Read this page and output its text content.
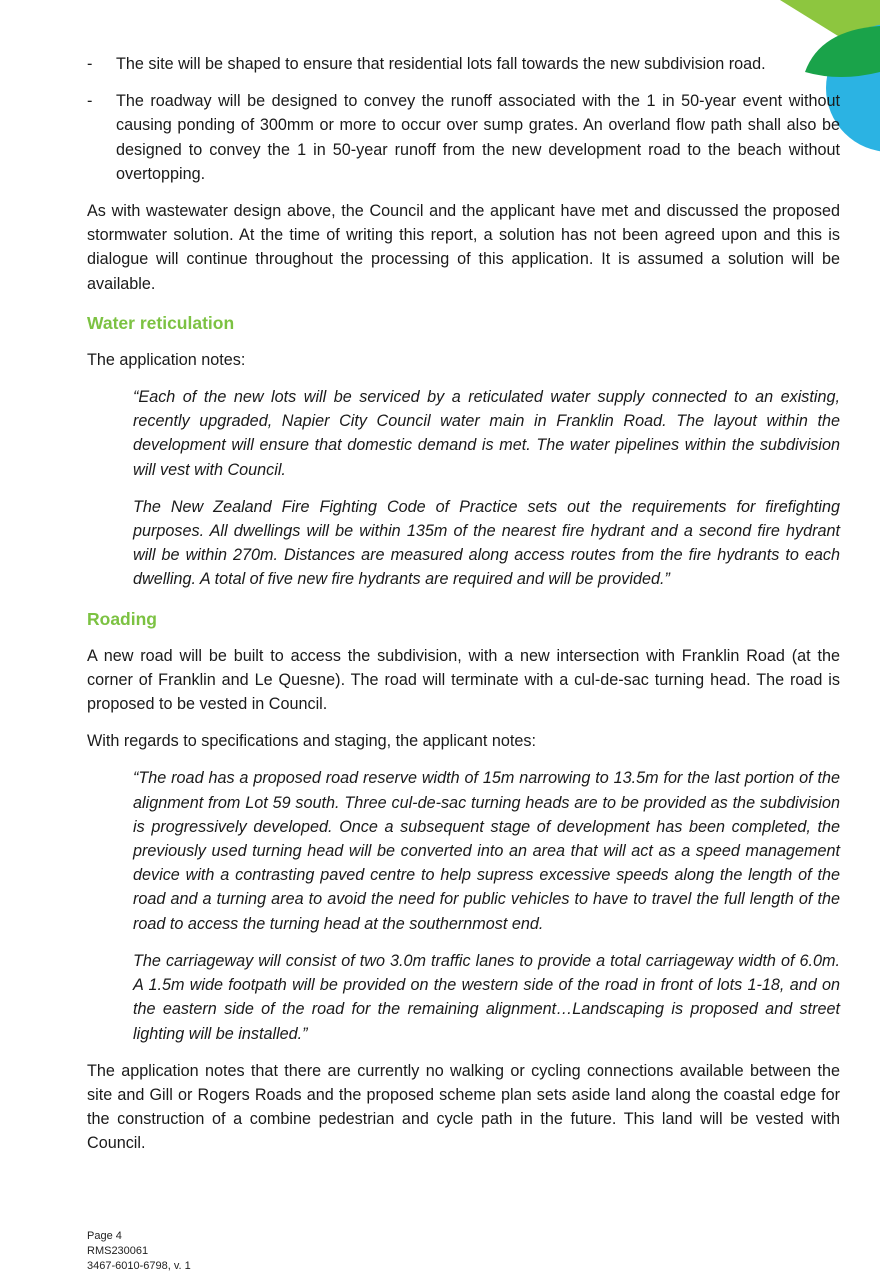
- The site will be shaped to ensure that residential lots fall towards the new subdivision road.
- The roadway will be designed to convey the runoff associated with the 1 in 50-year event without causing ponding of 300mm or more to occur over sump grates. An overland flow path shall also be designed to convey the 1 in 50-year runoff from the new development road to the beach without overtopping.

As with wastewater design above, the Council and the applicant have met and discussed the proposed stormwater solution. At the time of writing this report, a solution has not been agreed upon and this is dialogue will continue throughout the processing of this application. It is assumed a solution will be available.

Water reticulation

The application notes:

“Each of the new lots will be serviced by a reticulated water supply connected to an existing, recently upgraded, Napier City Council water main in Franklin Road. The layout within the development will ensure that domestic demand is met. The water pipelines within the subdivision will vest with Council.

The New Zealand Fire Fighting Code of Practice sets out the requirements for firefighting purposes. All dwellings will be within 135m of the nearest fire hydrant and a second fire hydrant will be within 270m. Distances are measured along access routes from the fire hydrants to each dwelling. A total of five new fire hydrants are required and will be provided.”

Roading

A new road will be built to access the subdivision, with a new intersection with Franklin Road (at the corner of Franklin and Le Quesne). The road will terminate with a cul-de-sac turning head. The road is proposed to be vested in Council.

With regards to specifications and staging, the applicant notes:

“The road has a proposed road reserve width of 15m narrowing to 13.5m for the last portion of the alignment from Lot 59 south. Three cul-de-sac turning heads are to be provided as the subdivision is progressively developed. Once a subsequent stage of development has been completed, the previously used turning head will be converted into an area that will act as a speed management device with a contrasting paved centre to help supress excessive speeds along the length of the road and a turning area to avoid the need for public vehicles to have to travel the full length of the road to access the turning head at the southernmost end.

The carriageway will consist of two 3.0m traffic lanes to provide a total carriageway width of 6.0m. A 1.5m wide footpath will be provided on the western side of the road in front of lots 1-18, and on the eastern side of the road for the remaining alignment…Landscaping is proposed and street lighting will be installed.”

The application notes that there are currently no walking or cycling connections available between the site and Gill or Rogers Roads and the proposed scheme plan sets aside land along the coastal edge for the construction of a combine pedestrian and cycle path in the future. This land will be vested with Council.

Page 4
RMS230061
3467-6010-6798, v. 1
